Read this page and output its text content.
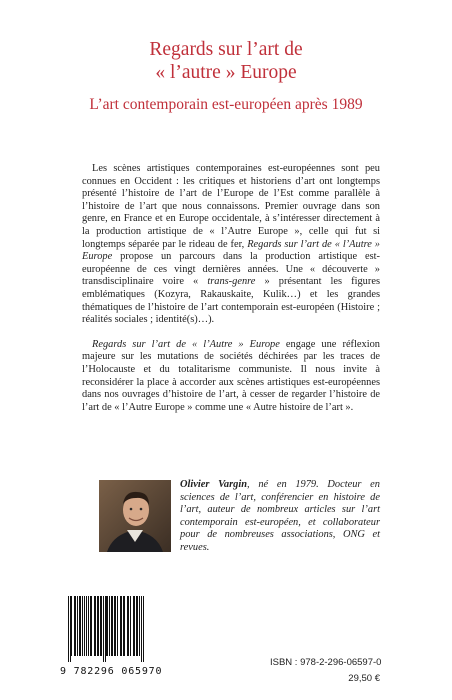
Regards sur l’art de
« l’autre » Europe
L’art contemporain est-européen après 1989

Les scènes artistiques contemporaines est-européennes sont peu connues en Occident : les critiques et historiens d’art ont longtemps présenté l’histoire de l’art de l’Europe de l’Est comme parallèle à l’histoire de l’art que nous connaissons. Premier ouvrage dans son genre, en France et en Europe occidentale, à s’intéresser directement à la production artistique de « l’Autre Europe », celle qui fut si longtemps séparée par le rideau de fer, Regards sur l’art de « l’Autre » Europe propose un parcours dans la production artistique est-européenne de ces vingt dernières années. Une « découverte » transdisciplinaire voire « trans-genre » présentant les figures emblématiques (Kozyra, Rakauskaite, Kulik…) et les grandes thématiques de l’histoire de l’art contemporain est-européen (Histoire ; réalités sociales ; identité(s)…).

Regards sur l’art de « l’Autre » Europe engage une réflexion majeure sur les mutations de sociétés déchirées par les traces de l’Holocauste et du totalitarisme communiste. Il nous invite à reconsidérer la place à accorder aux scènes artistiques est-européennes dans nos ouvrages d’histoire de l’art, à cesser de regarder l’histoire de l’art de « l’Autre Europe » comme une « Autre histoire de l’art ».

Olivier Vargin, né en 1979. Docteur en sciences de l’art, conférencier en histoire de l’art, auteur de nombreux articles sur l’art contemporain est-européen, et collaborateur pour de nombreuses associations, ONG et revues.
9 782296 065970
ISBN : 978-2-296-06597-0
29,50 €
